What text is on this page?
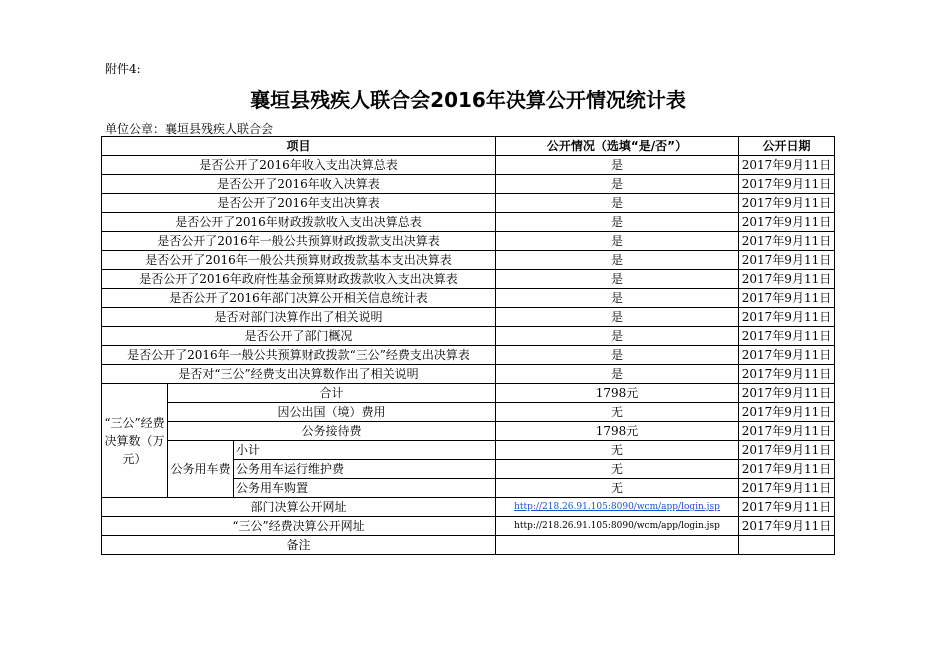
附件4:
襄垣县残疾人联合会2016年决算公开情况统计表
单位公章：襄垣县残疾人联合会
项目			公开情况（选填“是/否”）	公开日期
是否公开了2016年收入支出决算总表			是	2017年9月11日
是否公开了2016年收入决算表			是	2017年9月11日
是否公开了2016年支出决算表			是	2017年9月11日
是否公开了2016年财政拨款收入支出决算总表			是	2017年9月11日
是否公开了2016年一般公共预算财政拨款支出决算表			是	2017年9月11日
是否公开了2016年一般公共预算财政拨款基本支出决算表			是	2017年9月11日
是否公开了2016年政府性基金预算财政拨款收入支出决算表			是	2017年9月11日
是否公开了2016年部门决算公开相关信息统计表			是	2017年9月11日
是否对部门决算作出了相关说明			是	2017年9月11日
是否公开了部门概况			是	2017年9月11日
是否公开了2016年一般公共预算财政拨款“三公”经费支出决算表			是	2017年9月11日
是否对“三公”经费支出决算数作出了相关说明			是	2017年9月11日
“三公”经费决算数（万元）	合计		1798元	2017年9月11日
	因公出国（境）费用		无	2017年9月11日
	公务接待费		1798元	2017年9月11日
	公务用车费	小计	无	2017年9月11日
		公务用车运行维护费	无	2017年9月11日
		公务用车购置	无	2017年9月11日
部门决算公开网址			http://218.26.91.105:8090/wcm/app/login.jsp	2017年9月11日
“三公”经费决算公开网址			http://218.26.91.105:8090/wcm/app/login.jsp	2017年9月11日
备注				
